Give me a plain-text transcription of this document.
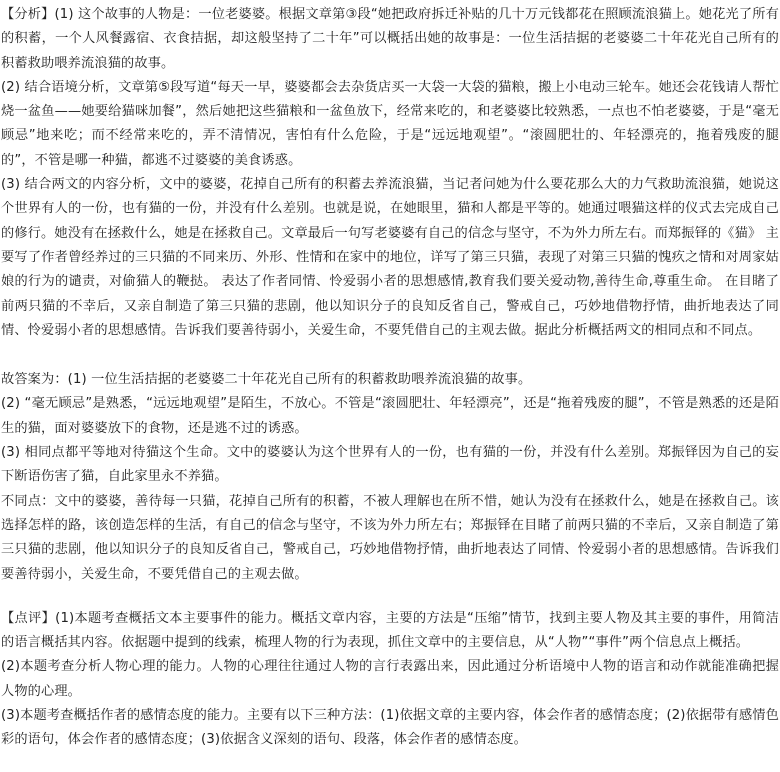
【分析】(1) 这个故事的人物是：一位老婆婆。根据文章第③段“她把政府拆迁补贴的几十万元钱都花在照顾流浪猫上。她花光了所有的积蓄，一个人风餐露宿、衣食拮据，却这般坚持了二十年”可以概括出她的故事是：一位生活拮据的老婆婆二十年花光自己所有的积蓄救助喂养流浪猫的故事。

(2) 结合语境分析，文章第⑤段写道“每天一早，婆婆都会去杂货店买一大袋一大袋的猫粮，搬上小电动三轮车。她还会花钱请人帮忙烧一盆鱼——她要给猫咪加餐”，然后她把这些猫粮和一盆鱼放下，经常来吃的，和老婆婆比较熟悉，一点也不怕老婆婆，于是“毫无顾忌”地来吃；而不经常来吃的，弄不清情况，害怕有什么危险，于是“远远地观望”。“滚圆肥壮的、年轻漂亮的，拖着残废的腿的”，不管是哪一种猫，都逃不过婆婆的美食诱惑。

(3) 结合两文的内容分析，文中的婆婆，花掉自己所有的积蓄去养流浪猫，当记者问她为什么要花那么大的力气救助流浪猫，她说这个世界有人的一份，也有猫的一份，并没有什么差别。也就是说，在她眼里，猫和人都是平等的。她通过喂猫这样的仪式去完成自己的修行。她没有在拯救什么，她是在拯救自己。文章最后一句写老婆婆有自己的信念与坚守，不为外力所左右。而郑振铎的《猫》 主要写了作者曾经养过的三只猫的不同来历、外形、性情和在家中的地位，详写了第三只猫，表现了对第三只猫的愧疚之情和对周家姑娘的行为的谴责，对偷猫人的鞭挞。 表达了作者同情、怜爱弱小者的思想感情,教育我们要关爱动物,善待生命,尊重生命。 在目睹了前两只猫的不幸后，又亲自制造了第三只猫的悲剧，他以知识分子的良知反省自己，警戒自己，巧妙地借物抒情，曲折地表达了同情、怜爱弱小者的思想感情。告诉我们要善待弱小，关爱生命，不要凭借自己的主观去做。据此分析概括两文的相同点和不同点。

故答案为：(1) 一位生活拮据的老婆婆二十年花光自己所有的积蓄救助喂养流浪猫的故事。

(2) “毫无顾忌”是熟悉，“远远地观望”是陌生，不放心。不管是“滚圆肥壮、年轻漂亮”，还是“拖着残废的腿”，不管是熟悉的还是陌生的猫，面对婆婆放下的食物，还是逃不过的诱惑。

(3) 相同点都平等地对待猫这个生命。文中的婆婆认为这个世界有人的一份，也有猫的一份，并没有什么差别。郑振铎因为自己的妄下断语伤害了猫，自此家里永不养猫。

不同点：文中的婆婆，善待每一只猫，花掉自己所有的积蓄，不被人理解也在所不惜，她认为没有在拯救什么，她是在拯救自己。该选择怎样的路，该创造怎样的生活，有自己的信念与坚守，不该为外力所左右；郑振铎在目睹了前两只猫的不幸后，又亲自制造了第三只猫的悲剧，他以知识分子的良知反省自己，警戒自己，巧妙地借物抒情，曲折地表达了同情、怜爱弱小者的思想感情。告诉我们要善待弱小，关爱生命，不要凭借自己的主观去做。

【点评】(1)本题考查概括文本主要事件的能力。概括文章内容，主要的方法是“压缩”情节，找到主要人物及其主要的事件，用简洁的语言概括其内容。依据题中提到的线索，梳理人物的行为表现，抓住文章中的主要信息，从“人物”“事件”两个信息点上概括。

(2)本题考查分析人物心理的能力。人物的心理往往通过人物的言行表露出来，因此通过分析语境中人物的语言和动作就能准确把握人物的心理。

(3)本题考查概括作者的感情态度的能力。主要有以下三种方法：(1)依据文章的主要内容，体会作者的感情态度；(2)依据带有感情色彩的语句，体会作者的感情态度；(3)依据含义深刻的语句、段落，体会作者的感情态度。
